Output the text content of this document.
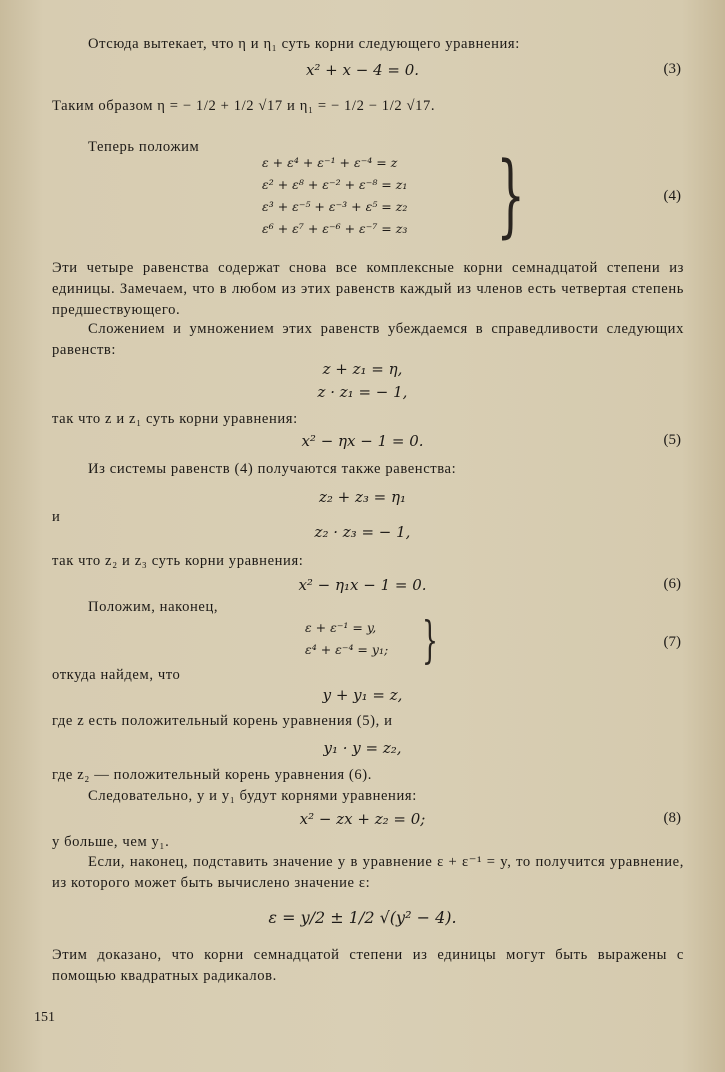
Отсюда вытекает, что η и η₁ суть корни следующего уравнения:
x² + x − 4 = 0.	(3)
Таким образом η = − 1/2 + 1/2 √17 и η₁ = − 1/2 − 1/2 √17.
Теперь положим
ε + ε⁴ + ε⁻¹ + ε⁻⁴ = z
ε² + ε⁸ + ε⁻² + ε⁻⁸ = z₁
ε³ + ε⁻⁵ + ε⁻³ + ε⁵ = z₂
ε⁶ + ε⁷ + ε⁻⁶ + ε⁻⁷ = z₃ }	(4)
Эти четыре равенства содержат снова все комплексные корни семнадцатой степени из единицы. Замечаем, что в любом из этих равенств каждый из членов есть четвертая степень предшествующего.
Сложением и умножением этих равенств убеждаемся в справедливости следующих равенств:
z + z₁ = η,
z · z₁ = − 1,
так что z и z₁ суть корни уравнения:
x² − ηx − 1 = 0.	(5)
Из системы равенств (4) получаются также равенства:
z₂ + z₃ = η₁
и
z₂ · z₃ = − 1,
так что z₂ и z₃ суть корни уравнения:
x² − η₁x − 1 = 0.	(6)
Положим, наконец,
ε + ε⁻¹ = y,
ε⁴ + ε⁻⁴ = y₁; }	(7)
откуда найдем, что
y + y₁ = z,
где z есть положительный корень уравнения (5), и
y₁ · y = z₂,
где z₂ — положительный корень уравнения (6).
Следовательно, y и y₁ будут корнями уравнения:
x² − zx + z₂ = 0;	(8)
y больше, чем y₁.
Если, наконец, подставить значение y в уравнение ε + ε⁻¹ = y, то получится уравнение, из которого может быть вычислено значение ε:
ε = y/2 ± 1/2 √(y² − 4).
Этим доказано, что корни семнадцатой степени из единицы могут быть выражены с помощью квадратных радикалов.
151
